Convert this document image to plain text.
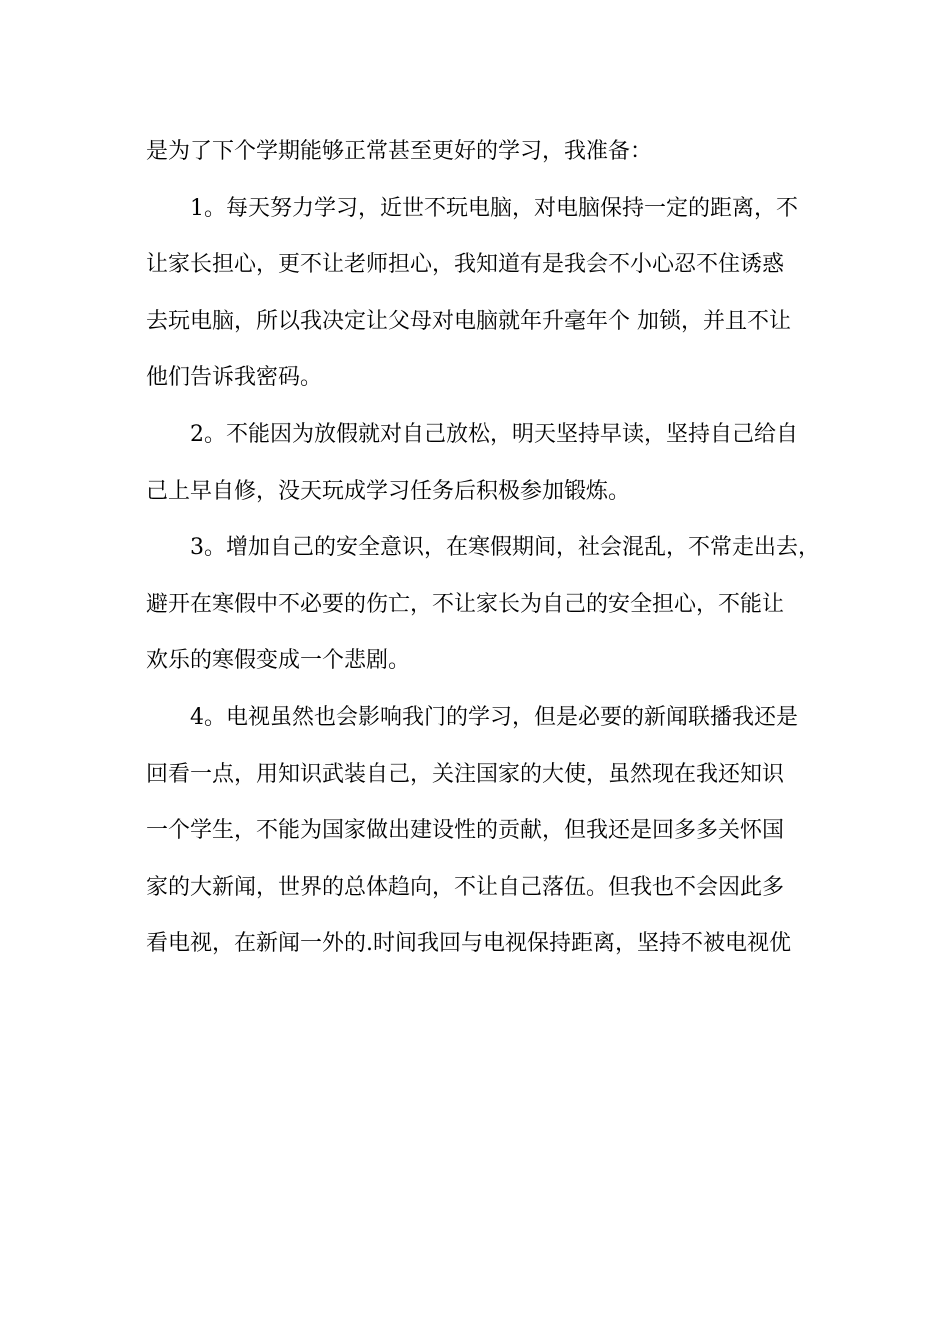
是为了下个学期能够正常甚至更好的学习，我准备：
1。每天努力学习，近世不玩电脑，对电脑保持一定的距离，不
让家长担心，更不让老师担心，我知道有是我会不小心忍不住诱惑
去玩电脑，所以我决定让父母对电脑就年升毫年个 加锁，并且不让
他们告诉我密码。
2。不能因为放假就对自己放松，明天坚持早读，坚持自己给自
己上早自修，没天玩成学习任务后积极参加锻炼。
3。增加自己的安全意识，在寒假期间，社会混乱，不常走出去，
避开在寒假中不必要的伤亡，不让家长为自己的安全担心，不能让
欢乐的寒假变成一个悲剧。
4。电视虽然也会影响我门的学习，但是必要的新闻联播我还是
回看一点，用知识武装自己，关注国家的大使，虽然现在我还知识
一个学生，不能为国家做出建设性的贡献，但我还是回多多关怀国
家的大新闻，世界的总体趋向，不让自己落伍。但我也不会因此多
看电视，在新闻一外的.时间我回与电视保持距离，坚持不被电视优
